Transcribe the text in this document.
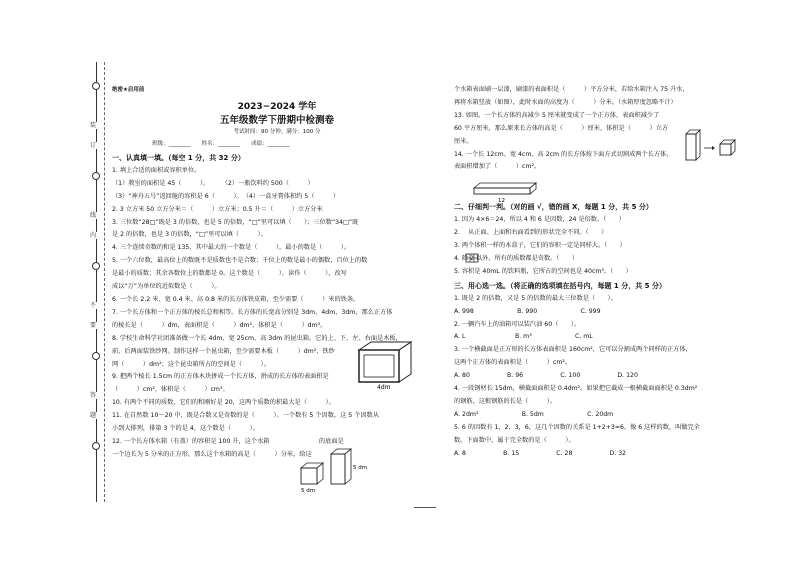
装
订
线
内
不
要
答
题
绝密★启用前
2023−2024 学年
五年级数学下册期中检测卷
考试时间：90 分钟；满分：100 分
班级：________　　姓名：________　　成绩：________
一、认真填一填。（每空 1 分，共 32 分）
1. 填上合适的面积或容积单位。
（1）教室的面积是 45（　　　）。　　　（2）一瓶饮料约 500（　　　）
（3）“神舟五号”返回舱的容积是 6（　　　）。　（4）一盒牙膏体积约 5（　　　）
2. 3 立方米 50 立方分米＝（　　　）立方米；0.5 升＝（　　　）立方分米
3. 三位数“28□”既是 3 的倍数，也是 5 的倍数，“□”里可以填（　　）；三位数“34□”既
是 2 的倍数，也是 3 的倍数，“□”里可以填（　　　）。
4. 三个连续奇数的和是 135，其中最大的一个数是（　　　），最小的数是（　　　）。
5. 一个六位数，最高位上的数既不是质数也不是合数；千位上的数是最小的偶数，百位上的数
是最小的质数；其余各数位上的数都是 0。这个数是（　　　），读作（　　　），改写
成以“万”为单位的近似数是（　　　）。
6. 一个长 2.2 米、宽 0.4 米、高 0.8 米的长方体铁皮箱，至少需要（　　　）米的铁条。
7. 一个长方体和一个正方体的棱长总和相等。长方体的长宽高分别是 3dm、4dm、3dm，那么正方体
的棱长是（　　　）dm，表面积是（　　　）dm²，体积是（　　　）dm³。
8. 学校生命科学社团准备做一个长 4dm、宽 25cm、高 3dm 的昆虫箱。它的上、下、左、右面是木板，
前、后两面装铁纱网。制作这样一个昆虫箱，至少需要木板（　　　）dm²，铁纱
网（　　　）dm²；这个昆虫箱所占的空间是（　　　）。
9. 把两个棱长 1.5cm 的正方体木块拼成一个长方体，拼成的长方体的表面积是
（　　　）cm²，体积是（　　　）cm³。
10. 有两个不同的质数，它们的和刚好是 20，这两个质数的积最大是（　　　）。
11. 在自然数 10～20 中，既是合数又是奇数的是（　　　）。一个数有 5 个因数，这 5 个因数从
小到大排列，排第 3 个的是 4，这个数是（　　　）。
12. 一个长方体水箱（有盖）的容积是 100 升，这个水箱　　　　　　　　的底面是
一个边长为 5 分米的正方形，那么这个水箱的高是（　　　）分米，给这
个水箱表面刷一层漆，刷漆的表面积是（　　　）平方分米，若给水箱注入 75 升水，
再将水箱竖放（如图），此时水面的高度为（　　　）分米。（水箱厚度忽略不计）
13. 如图，一个长方体的高减少 5 厘米就变成了一个正方体，表面积减少了
60 平方厘米，那么原来长方体的高是（　　　）厘米，体积是（　　　）立方
厘米。
14. 一个长 12cm、宽 4cm、高 2cm 的长方体按下面方式切割成两个长方体，
表面积增加了（　　　）cm²。

二、仔细判一判。（对的画 √，错的画 X，每题 1 分，共 5 分）
1. 因为 4×6＝24，所以 4 和 6 是因数，24 是倍数。（　　）
2. 　从正面、上面和右面看到的形状完全不同。（　　）
3. 两个体积一样的木盒子，它们的容积一定是同样大。（　　）
4. 除 2 以外，所有的质数都是奇数。（　　）
5. 容积是 40mL 的饮料瓶，它所占的空间也是 40cm³。（　　）
三、用心选一选。（将正确的选项填在括号内，每题 1 分，共 5 分）
1. 既是 2 的倍数，又是 5 的倍数的最大三位数是（　　）。
A. 998　　　　　　　B. 990　　　　　　　C. 999
2. 一辆汽车上的油箱可以装汽油 60（　　）。
A. L　　　　　　　　B. m³　　　　　　　C. mL
3. 一个横截面是正方形的长方体表面积是 160cm²，它可以分割成两个同样的正方体，
这两个正方体的表面积是（　　　）cm²。
A. 80　　　　　　B. 96　　　　　　C. 100　　　　　　D. 120
4. 一段钢材长 15dm，横截面面积是 0.4dm²。如果把它截成一根横截面面积是 0.3dm²
的钢筋，这根钢筋的长是（　　　）。
A. 2dm²　　　　　　　B. 5dm　　　　　　　C. 20dm
5. 6 的因数有 1，2，3，6，这几个因数的关系是 1+2+3=6，像 6 这样的数，叫做完全
数。下面数中，属于完全数的是（　　　）。
A. 8　　　　　　B. 15　　　　　　C. 28　　　　　　D. 32
4dm
5 dm
5 dm
12
